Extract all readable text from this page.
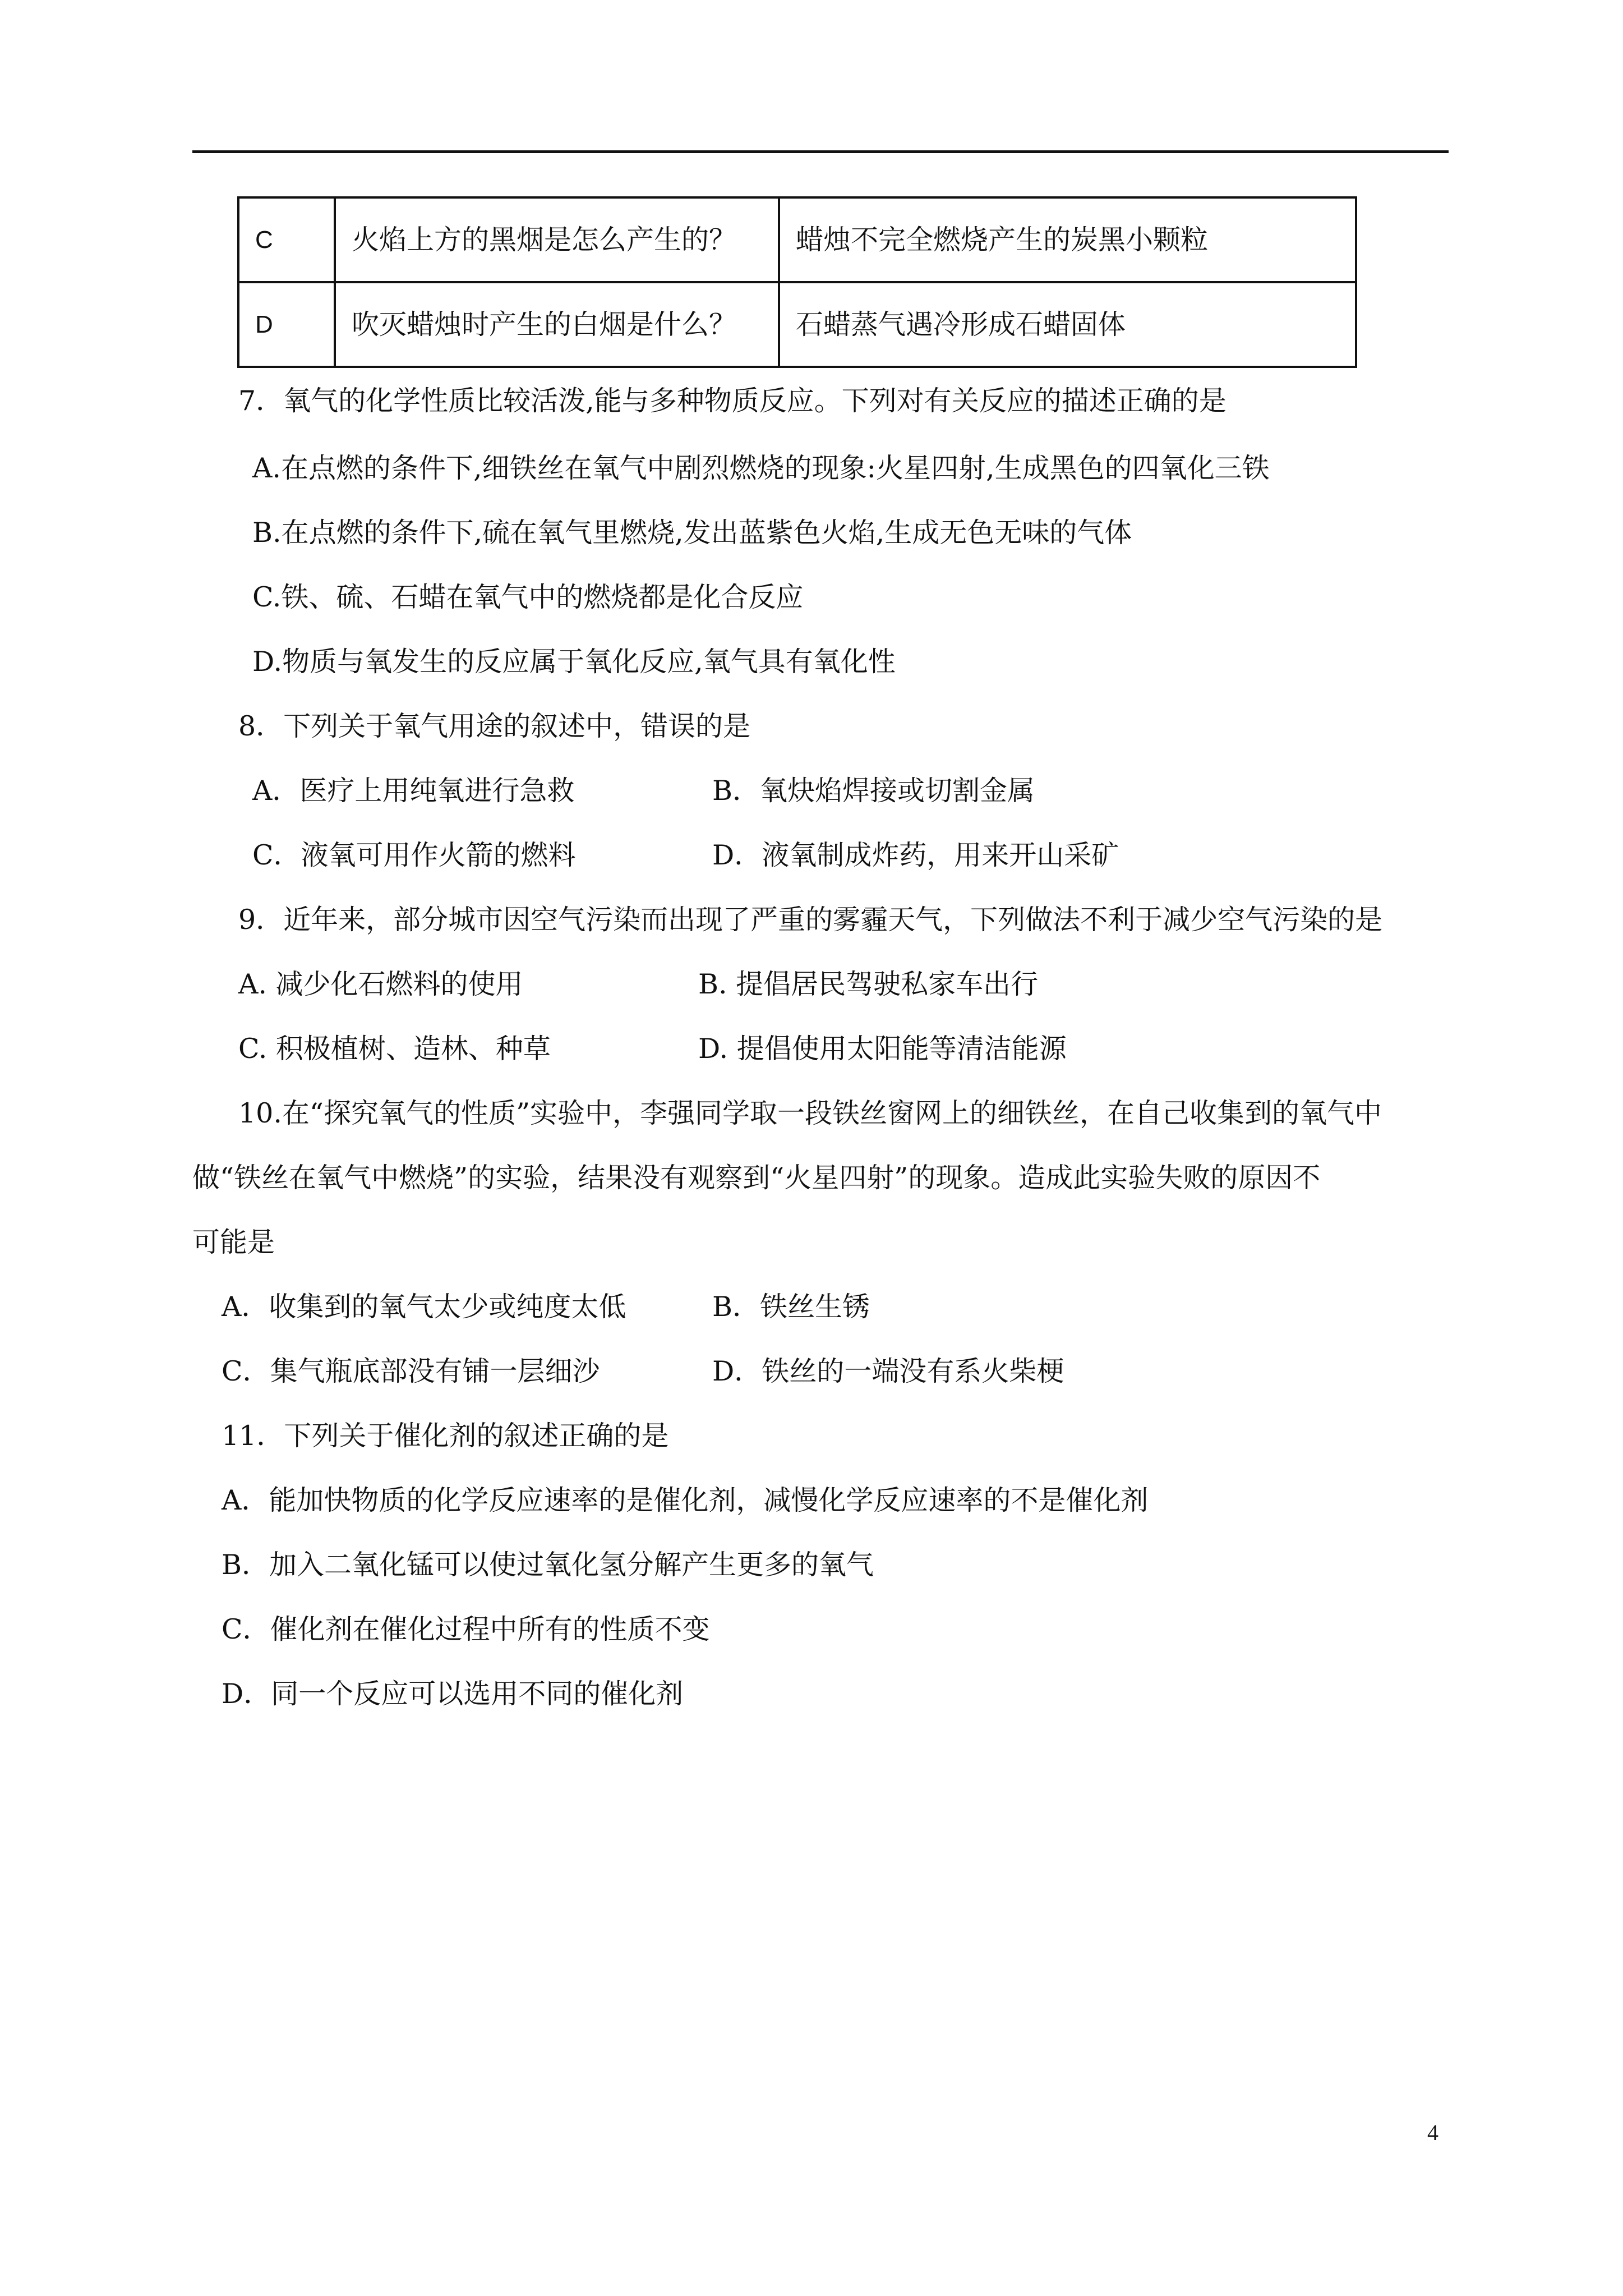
C	火焰上方的黑烟是怎么产生的？	蜡烛不完全燃烧产生的炭黑小颗粒
D	吹灭蜡烛时产生的白烟是什么？	石蜡蒸气遇冷形成石蜡固体
7．氧气的化学性质比较活泼,能与多种物质反应。下列对有关反应的描述正确的是
A.在点燃的条件下,细铁丝在氧气中剧烈燃烧的现象:火星四射,生成黑色的四氧化三铁
B.在点燃的条件下,硫在氧气里燃烧,发出蓝紫色火焰,生成无色无味的气体
C.铁、硫、石蜡在氧气中的燃烧都是化合反应
D.物质与氧发生的反应属于氧化反应,氧气具有氧化性
8．下列关于氧气用途的叙述中，错误的是
A．医疗上用纯氧进行急救	B．氧炔焰焊接或切割金属
C．液氧可用作火箭的燃料	D．液氧制成炸药，用来开山采矿
9．近年来，部分城市因空气污染而出现了严重的雾霾天气，下列做法不利于减少空气污染的是
A. 减少化石燃料的使用	B. 提倡居民驾驶私家车出行
C. 积极植树、造林、种草	D. 提倡使用太阳能等清洁能源
10.在“探究氧气的性质”实验中，李强同学取一段铁丝窗网上的细铁丝，在自己收集到的氧气中
做“铁丝在氧气中燃烧”的实验，结果没有观察到“火星四射”的现象。造成此实验失败的原因不
可能是
A．收集到的氧气太少或纯度太低	B．铁丝生锈
C．集气瓶底部没有铺一层细沙	D．铁丝的一端没有系火柴梗
11．下列关于催化剂的叙述正确的是
A．能加快物质的化学反应速率的是催化剂，减慢化学反应速率的不是催化剂
B．加入二氧化锰可以使过氧化氢分解产生更多的氧气
C．催化剂在催化过程中所有的性质不变
D．同一个反应可以选用不同的催化剂
4
